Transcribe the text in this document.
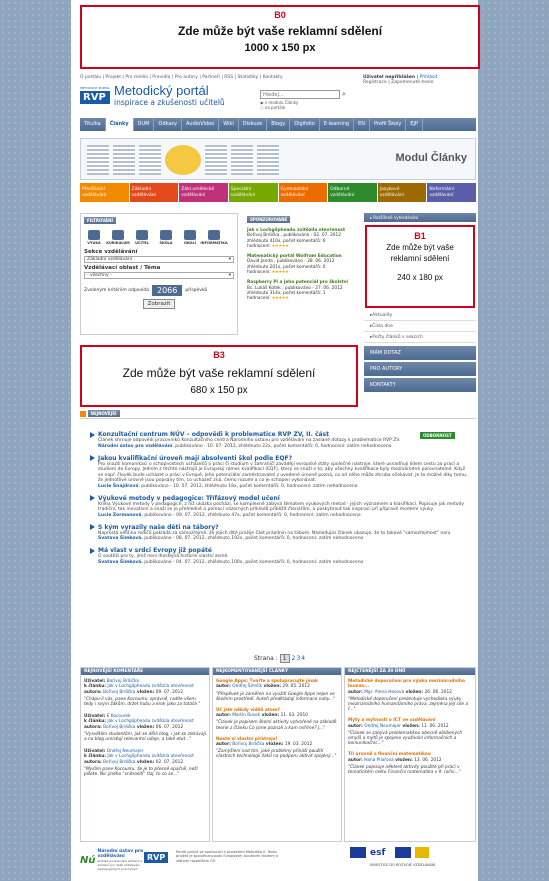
B0
Zde může být vaše reklamní sdělení
1000 x 150 px
O portálu | Projekt | Pro média | Pravidla | Pro autory | Partneři | RSS | Statistiky | Kontakty
METODICKÝ PORTÁL
RVP Metodický portál
inspirace a zkušenosti učitelů
Hledej...
⌕
◉ v modulu Články
○ na portále
Uživatel nepřihlášen | Přihlásit
Registrace | Zapomenuté heslo
Titulka	Články	DUM	Odkazy	AudioVideo	Wiki	Diskuze	Blogy	Digifolio	E-learning	EN	Profil Školy	EJP
Modul Články
Předškolní vzdělávání
Základní vzdělávání
Zákl.umělecké vzdělávání
Speciální vzdělávání
Gymnaziální vzdělávání
Odborné vzdělávání
Jazykové vzdělávání
Neformální vzdělávání
FILTROVÁNÍ
VÝUKA KURIKULUM UČITEL	ŠKOLA	OKOLÍ INFORMATIKA
Sekce vzdělávání
Základní vzdělávání	▾
Vzdělávací oblast / Téma
- všechny -	▾
Zvoleným kritériím odpovídá	2066	příspěvků
Zobrazit
SPONZOROVANÉ
Jak v Lochgilpheadu zvítězila otevřenost
Bořivoj Brdička , publikováno - 02. 07. 2012
zhlédnuto 410x, počet komentářů: 6
hodnocení: ★★★★★
Matematický portál Wolfram Education
David Janda , publikováno - 28. 06. 2012
zhlédnuto 201x, počet komentářů: 0
hodnocení: ★★★★★
Raspberry Pi a jeho potenciál pro školství
Bc. Lukáš Kotek , publikováno - 27. 06. 2012
zhlédnuto 314x, počet komentářů: 1
hodnocení: ★★★★★
▸ Rozšířené vyhledávání
B1
Zde může být vaše
reklamní sdělení
240 x 180 px
▸ Aktuality
▸ Čísla dne
▸ Počty článků v sekcích
MÁM DOTAZ
PRO AUTORY
KONTAKTY
B3
Zde může být vaše reklamní sdělení
680 x 150 px
NEJNOVĚJŠÍ
ODBORNOST
Konzultační centrum NÚV – odpovědi k problematice RVP ZV, II. část
Článek shrnuje odpovědi pracovníků Konzultačního centra Národního ústavu pro vzdělávání na zaslané dotazy k problematice RVP ZV.
Národní ústav pro vzdělávání, publikováno - 10. 07. 2012, zhlédnuto 22x, počet komentářů: 0, hodnocení: zatím nehodnoceno
Jakou kvalifikační úroveň mají absolventi škol podle EQF?
Pro snazší komunikaci o schopnostech uchazečů o práci či studium v zahraničí zavádějí evropské státy společné nástroje, které usnadňují lidem cestu za prací a studiem do Evropy. Jedním z těchto nástrojů je Evropský rámec kvalifikací (EQF), který se snaží o to, aby všechny kvalifikace byly mezinárodně porovnatelné. Když se např. člověk bude ucházet o práci v Evropě, jeho potenciální zaměstnavatel z uvedené úrovně pozná, co od něho může zhruba očekávat. Je to možné díky tomu, že jednotlivé úrovně jsou popsány tím, co uchazeč zná, čemu rozumí a co je schopen vykonávat.
Lucie Šnajdrová, publikováno - 10. 07. 2012, zhlédnuto 18x, počet komentářů: 0, hodnocení: zatím nehodnoceno
Výukové metody v pedagogice: Třífázový model učení
Kniha Výukové metody v pedagogice, z níž ukázka pochází, se komplexně zabývá tématem výukových metod - jejich významem a klasifikací. Popisuje jak metody tradiční, tak inovativní a snaží se je přehledně a pomocí názorných příkladů přiblížit čtenářům, a poskytnout tak inspiraci při přípravě moderní výuky.
Lucie Zormanová, publikováno - 09. 07. 2012, zhlédnuto 47x, počet komentářů: 0, hodnocení: zatím nehodnoceno
S kým vyrazily naše děti na tábory?
Naprostá většina rodičů pokládá za samozřejmé, že jejich dítě prožije část prázdnin na táboře. Následující článek ukazuje, že to takové "samozřejmost" není.
Svatava Šimková, publikováno - 08. 07. 2012, zhlédnuto 192x, počet komentářů: 0, hodnocení: zatím nehodnoceno
Má vlast v srdci Evropy již popáté
O soutěži pro ty, jimž není lhostejná historie vlastní země.
Svatava Šimková, publikováno - 04. 07. 2012, zhlédnuto 100x, počet komentářů: 0, hodnocení: zatím nehodnoceno
Strana : 1 2 3 4
NEJNOVĚJŠÍ KOMENTÁŘE
Uživatel: Bořivoj Brdička
k článku: Jak v Lochgilpheadu zvítězila otevřenost
autora: Bořivoj Brdička vložen: 09. 07. 2012
"Chápu-li vás, pane Kocourku, správně, radíte všem, tedy i svým žákům, držet hubu a krok jako za totáče."
Uživatel: E Kocourek
k článku: Jak v Lochgilpheadu zvítězila otevřenost
autora: Bořivoj Brdička vložen: 06. 07. 2012
"Vysvětlím studentům, jak se dělá blog, i jak se získávají a na blog umisťují relevantní údaje, a také etut..."
Uživatel: Ondřej Neumajer
k článku: Jak v Lochgilpheadu zvítězila otevřenost
autora: Bořivoj Brdička vložen: 02. 07. 2012
"Myslím pane Kocourku, že je to přesně opačně, neží píšete. Nic jiného "vnitrosíti" (tzj. to co se..."
NEJKOMENTOVANĚJŠÍ ČLÁNKY
Google Apps: Tvořte a spolupracujte jinak
autor: Ondřej Šimčík vložen: 29. 05. 2012
"Příspěvek je zaměřen na využití Google Apps nejen ve školním prostředí. Autoři předkládají informace naby..."
Uč jste někdy viděli atom?
autor: Martin Rusek vložen: 11. 03. 2010
"Článek je popisem školní aktivity vytvořené na základě teorie z článku Co jsme poznali a kam míříme? J..."
Noste si vlastní přístroje!
autor: Bořivoj Brdička vložen: 19. 03. 2012
"Zamyšlení nad tím, jaké problémy přináší použití vlastních technologií žáků na podporu aktivit spojený..."
NEJČTENĚJŠÍ ZA 30 DNŮ
Metodické doporučení pro výuku mezinárodního human...
autor: Mgr. Alena Hesová vložen: 26. 06. 2012
"Metodické doporučení prezentuje východiska výuky mezinárodního humanitárního práva, zejména její cíle a ř..."
Mýty a mýtnosti o ICT ve vzdělávání
autor: Ondřej Neumajer vložen: 11. 06. 2012
"Článek se zabývá problematikou obecně oblíbených omylů a mýtů je spojeno využívání informačních a komunikačníc..."
Tři úrovně s finanční matematikou
autor: Hana Pilařová vložen: 13. 06. 2012
"Článek popisuje některé aktivity použité při práci v tematickém celku Finanční matematika v 9. ročni..."
Nú
Národní ústav pro vzdělávání
školské poradenské zařízení a zařízení pro další vzdělávání pedagogických pracovníků
RVP
Portál vzniká ve spolupráci s projektem Metodika II. Tento projekt je spolufinancován Evropským sociálním fondem a státním rozpočtem ČR.
esf
INVESTICE DO ROZVOJE VZDĚLÁVÁNÍ
